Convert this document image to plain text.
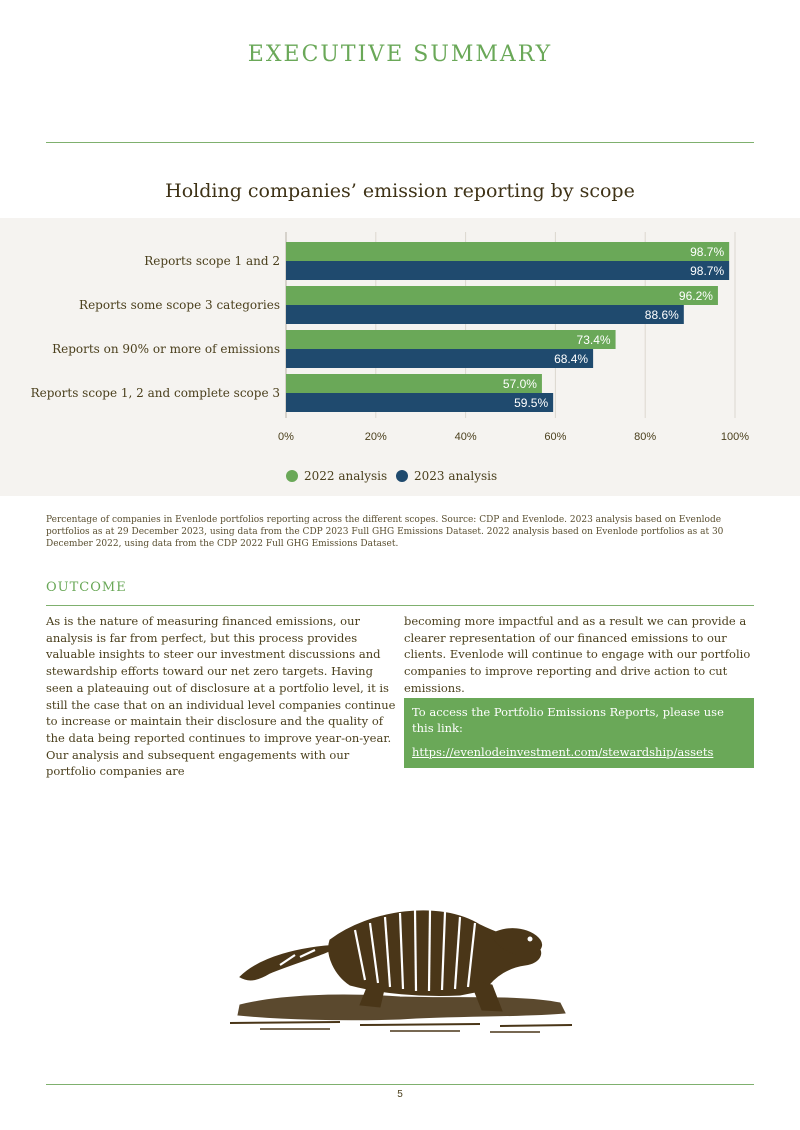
EXECUTIVE SUMMARY
Holding companies’ emission reporting by scope
0%	20%	40%	60%	80%	100%
Reports scope 1 and 2
98.7%
98.7%
Reports some scope 3 categories
96.2%
88.6%
Reports on 90% or more of emissions
73.4%
68.4%
Reports scope 1, 2 and complete scope 3
57.0%
59.5%
2022 analysis 2023 analysis

Percentage of companies in Evenlode portfolios reporting across the different scopes. Source: CDP and Evenlode. 2023 analysis based on Evenlode portfolios as at 29 December 2023, using data from the CDP 2023 Full GHG Emissions Dataset. 2022 analysis based on Evenlode portfolios as at 30 December 2022, using data from the CDP 2022 Full GHG Emissions Dataset.

OUTCOME

As is the nature of measuring financed emissions, our analysis is far from perfect, but this process provides valuable insights to steer our investment discussions and stewardship efforts toward our net zero targets. Having seen a plateauing out of disclosure at a portfolio level, it is still the case that on an individual level companies continue to increase or maintain their disclosure and the quality of the data being reported continues to improve year-on-year. Our analysis and subsequent engagements with our portfolio companies are

becoming more impactful and as a result we can provide a clearer representation of our financed emissions to our clients. Evenlode will continue to engage with our portfolio companies to improve reporting and drive action to cut emissions.

To access the Portfolio Emissions Reports, please use this link:
https://evenlodeinvestment.com/stewardship/assets
5
